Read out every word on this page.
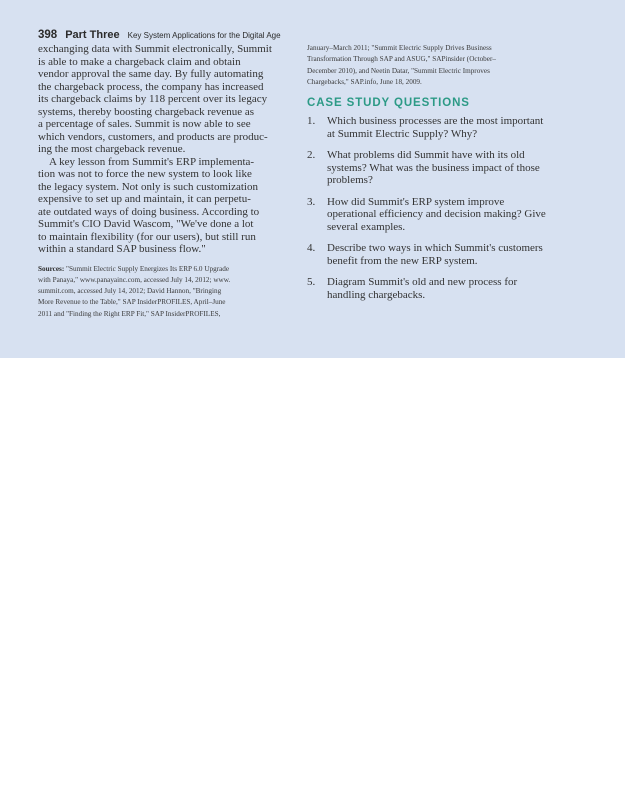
398 Part Three Key System Applications for the Digital Age
exchanging data with Summit electronically, Summit
is able to make a chargeback claim and obtain
vendor approval the same day. By fully automating
the chargeback process, the company has increased
its chargeback claims by 118 percent over its legacy
systems, thereby boosting chargeback revenue as
a percentage of sales. Summit is now able to see
which vendors, customers, and products are produc-
ing the most chargeback revenue.
A key lesson from Summit's ERP implementa-
tion was not to force the new system to look like
the legacy system. Not only is such customization
expensive to set up and maintain, it can perpetu-
ate outdated ways of doing business. According to
Summit's CIO David Wascom, "We've done a lot
to maintain flexibility (for our users), but still run
within a standard SAP business flow."
Sources: "Summit Electric Supply Energizes Its ERP 6.0 Upgrade
with Panaya," www.panayainc.com, accessed July 14, 2012; www.
summit.com, accessed July 14, 2012; David Hannon, "Bringing
More Revenue to the Table," SAP InsiderPROFILES, April–June
2011 and "Finding the Right ERP Fit," SAP InsiderPROFILES,
January–March 2011; "Summit Electric Supply Drives Business
Transformation Through SAP and ASUG," SAPinsider (October–
December 2010), and Neetin Datar, "Summit Electric Improves
Chargebacks," SAP.info, June 18, 2009.
CASE STUDY QUESTIONS
1. Which business processes are the most important
at Summit Electric Supply? Why?
2. What problems did Summit have with its old
systems? What was the business impact of those
problems?
3. How did Summit's ERP system improve
operational efficiency and decision making? Give
several examples.
4. Describe two ways in which Summit's customers
benefit from the new ERP system.
5. Diagram Summit's old and new process for
handling chargebacks.
